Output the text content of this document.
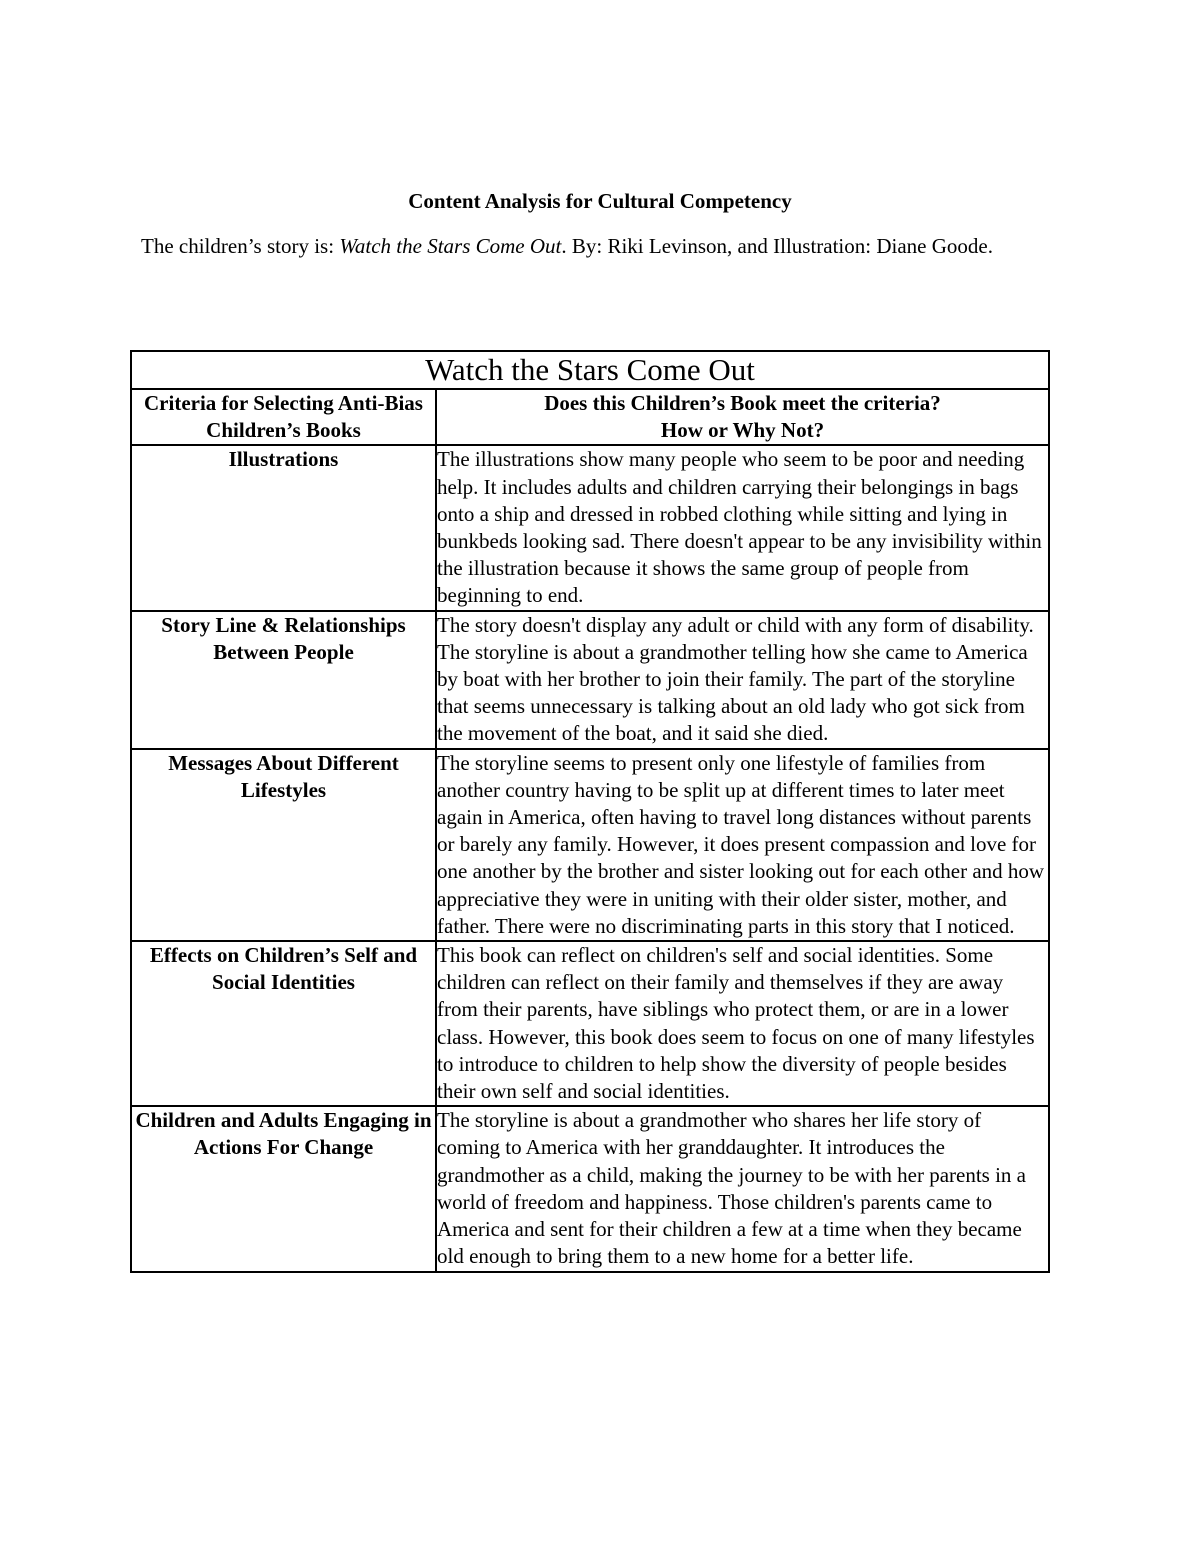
Content Analysis for Cultural Competency
The children’s story is: Watch the Stars Come Out. By: Riki Levinson, and Illustration: Diane Goode.
Watch the Stars Come Out	
Criteria for Selecting Anti-Bias Children’s Books	Does this Children’s Book meet the criteria?
How or Why Not?

Illustrations	The illustrations show many people who seem to be poor and needing help. It includes adults and children carrying their belongings in bags onto a ship and dressed in robbed clothing while sitting and lying in bunkbeds looking sad. There doesn't appear to be any invisibility within the illustration because it shows the same group of people from beginning to end.
Story Line & Relationships Between People	The story doesn't display any adult or child with any form of disability. The storyline is about a grandmother telling how she came to America by boat with her brother to join their family. The part of the storyline that seems unnecessary is talking about an old lady who got sick from the movement of the boat, and it said she died.
Messages About Different Lifestyles	The storyline seems to present only one lifestyle of families from another country having to be split up at different times to later meet again in America, often having to travel long distances without parents or barely any family. However, it does present compassion and love for one another by the brother and sister looking out for each other and how appreciative they were in uniting with their older sister, mother, and father. There were no discriminating parts in this story that I noticed.
Effects on Children’s Self and Social Identities	This book can reflect on children's self and social identities. Some children can reflect on their family and themselves if they are away from their parents, have siblings who protect them, or are in a lower class. However, this book does seem to focus on one of many lifestyles to introduce to children to help show the diversity of people besides their own self and social identities.
Children and Adults Engaging in Actions For Change	The storyline is about a grandmother who shares her life story of coming to America with her granddaughter. It introduces the grandmother as a child, making the journey to be with her parents in a world of freedom and happiness. Those children's parents came to America and sent for their children a few at a time when they became old enough to bring them to a new home for a better life.
